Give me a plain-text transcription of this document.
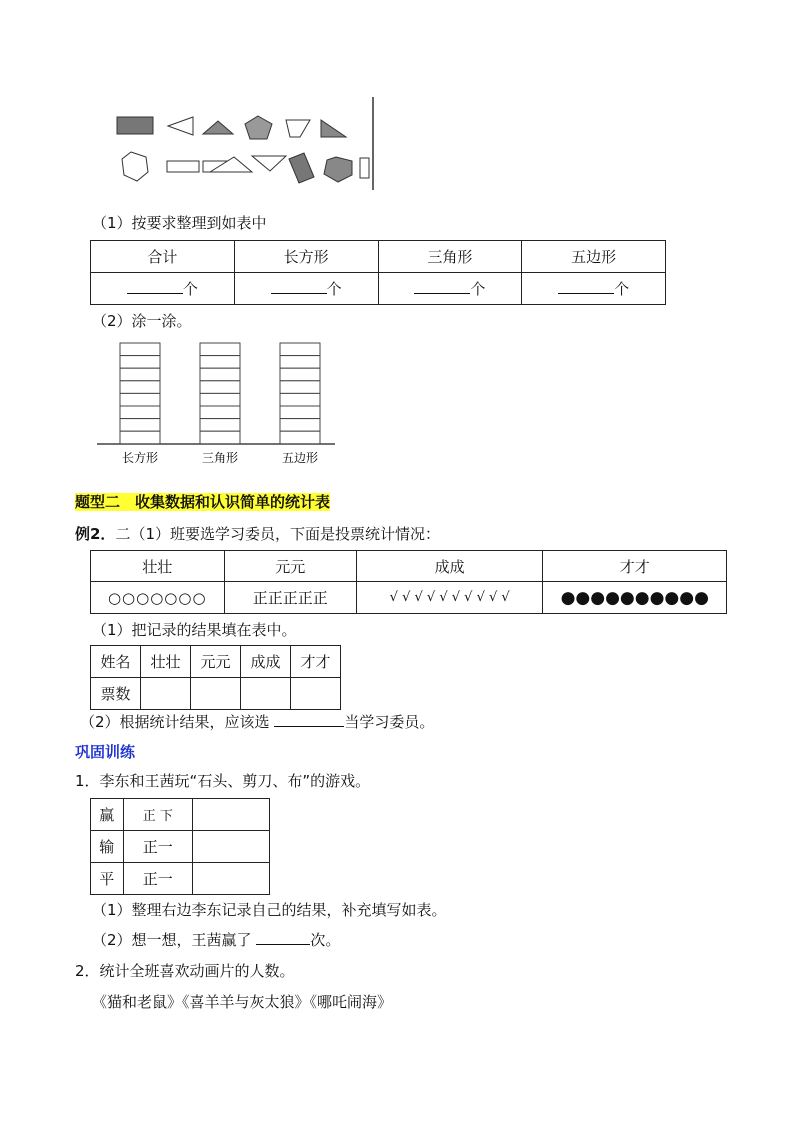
（1）按要求整理到如表中
合计	长方形	三角形	五边形
个	个	个	个
（2）涂一涂。
长方形	三角形	五边形
题型二　收集数据和认识简单的统计表
例2．二（1）班要选学习委员，下面是投票统计情况：
壮壮	元元	成成	才才
○○○○○○○	正正正正正	√ √ √ √ √ √ √ √ √ √	●●●●●●●●●●
（1）把记录的结果填在表中。
姓名	壮壮	元元	成成	才才
票数				
（2）根据统计结果，应该选	当学习委员。
巩固训练
1．李东和王茜玩“石头、剪刀、布”的游戏。
赢	正 下	
输	正一	
平	正一	
（1）整理右边李东记录自己的结果，补充填写如表。
（2）想一想，王茜赢了	次。
2．统计全班喜欢动画片的人数。
《猫和老鼠》《喜羊羊与灰太狼》《哪吒闹海》
